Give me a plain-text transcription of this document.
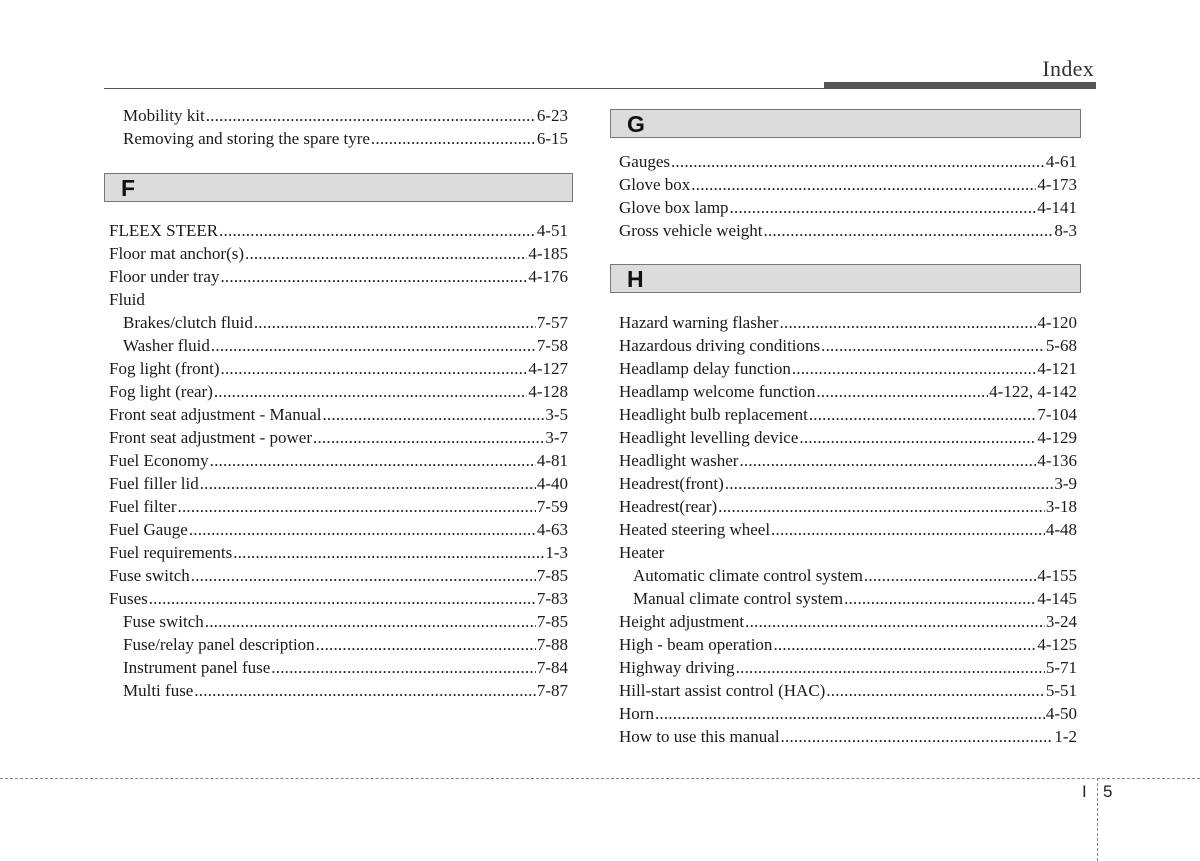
Index
Mobility kit .....	6-23
Removing and storing the spare tyre .....	6-15
F
FLEEX STEER .....	4-51
Floor mat anchor(s) .....	4-185
Floor under tray .....	4-176
Fluid
Brakes/clutch fluid .....	7-57
Washer fluid .....	7-58
Fog light (front) .....	4-127
Fog light (rear) .....	4-128
Front seat adjustment - Manual .....	3-5
Front seat adjustment - power .....	3-7
Fuel Economy .....	4-81
Fuel filler lid .....	4-40
Fuel filter .....	7-59
Fuel Gauge .....	4-63
Fuel requirements .....	1-3
Fuse switch .....	7-85
Fuses .....	7-83
Fuse switch .....	7-85
Fuse/relay panel description .....	7-88
Instrument panel fuse .....	7-84
Multi fuse .....	7-87
G
Gauges .....	4-61
Glove box .....	4-173
Glove box lamp .....	4-141
Gross vehicle weight .....	8-3
H
Hazard warning flasher .....	4-120
Hazardous driving conditions .....	5-68
Headlamp delay function .....	4-121
Headlamp welcome function .....	4-122, 4-142
Headlight bulb replacement .....	7-104
Headlight levelling device .....	4-129
Headlight washer .....	4-136
Headrest(front) .....	3-9
Headrest(rear) .....	3-18
Heated steering wheel .....	4-48
Heater
Automatic climate control system .....	4-155
Manual climate control system .....	4-145
Height adjustment .....	3-24
High - beam operation .....	4-125
Highway driving .....	5-71
Hill-start assist control (HAC) .....	5-51
Horn .....	4-50
How to use this manual .....	1-2
I 5
